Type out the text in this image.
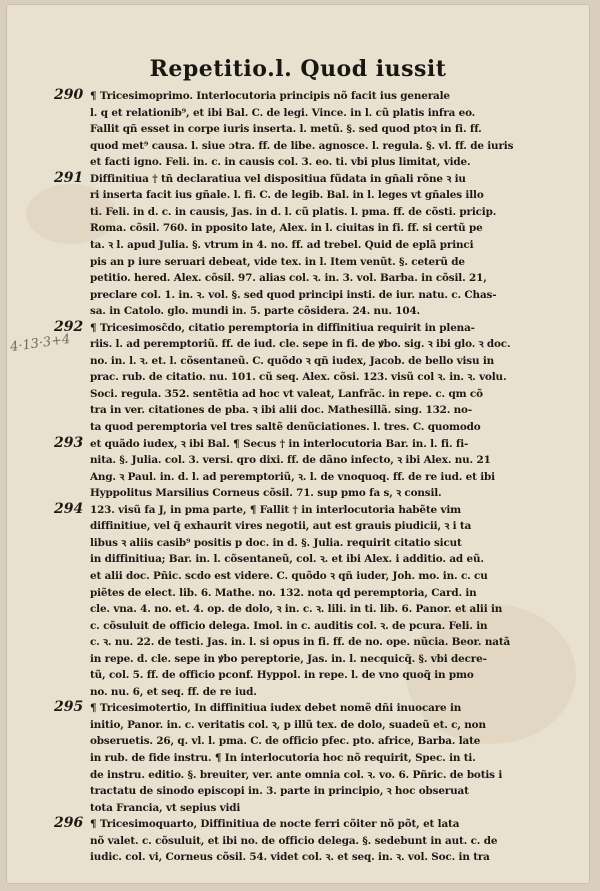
Repetitio.l. Quod iussit
290
291
292
293
294
295
296
4·13·3+4
¶ Tricesimoprimo. Interlocutoria principis nõ facit ius generale
l. q et relationib⁹, et ibi Bal. C. de legi. Vince. in l. cũ platis infra eo.
Fallit qñ esset in corpe iuris inserta. l. metũ. §. sed quod ptoꝛ in fi. ff.
quod met⁹ causa. l. siue ɔtra. ff. de libe. agnosce. l. regula. §. vl. ff. de iuris
et facti igno. Feli. in. c. in causis col. 3. eo. ti. vbi plus limitat, vide.
Diffinitiua † tñ declaratiua vel dispositiua fũdata in gñali rõne ꝛ iu
ri inserta facit ius gñale. l. fi. C. de legib. Bal. in l. leges vt gñales illo
ti. Feli. in d. c. in causis, Jas. in d. l. cũ platis. l. pma. ff. de cõsti. pricip.
Roma. cõsil. 760. in pposito late, Alex. in l. ciuitas in fi. ff. si certũ pe
ta. ꝛ l. apud Julia. §. vtrum in 4. no. ff. ad trebel. Quid de eplã princi
pis an p iure seruari debeat, vide tex. in l. Item venũt. §. ceterũ de
petitio. hered. Alex. cõsil. 97. alias col. ꝛ. in. 3. vol. Barba. in cõsil. 21,
preclare col. 1. in. ꝛ. vol. §. sed quod principi insti. de iur. natu. c. Chas-
sa. in Catolo. glo. mundi in. 5. parte cõsidera. 24. nu. 104.
¶ Tricesimosc̃do, citatio peremptoria in diffinitiua requirit in plena-
riis. l. ad peremptoriũ. ff. de iud. cle. sepe in fi. de ꝟbo. sig. ꝛ ibi glo. ꝛ doc.
no. in. l. ꝛ. et. l. cõsentaneũ. C. quõdo ꝛ qñ iudex, Jacob. de bello visu in
prac. rub. de citatio. nu. 101. cũ seq. Alex. cõsi. 123. visũ col ꝛ. in. ꝛ. volu.
Soci. regula. 352. sentẽtia ad hoc vt valeat, Lanfrãc. in repe. c. qm cõ
tra in ver. citationes de pba. ꝛ ibi alii doc. Mathesillã. sing. 132. no-
ta quod peremptoria vel tres saltẽ denũciationes. l. tres. C. quomodo
et quãdo iudex, ꝛ ibi Bal. ¶ Secus † in interlocutoria Bar. in. l. fi. fi-
nita. §. Julia. col. 3. versi. qro dixi. ff. de dãno infecto, ꝛ ibi Alex. nu. 21
Ang. ꝛ Paul. in. d. l. ad peremptoriũ, ꝛ. l. de vnoquoq. ff. de re iud. et ibi
Hyppolitus Marsilius Corneus cõsil. 71. sup pmo fa s, ꝛ consil.
123. visũ fa J, in pma parte, ¶ Fallit † in interlocutoria habẽte vim
diffinitiue, vel q̃ exhaurit vires negotii, aut est grauis piudicii, ꝛ i ta
libus ꝛ aliis casib⁹ positis p doc. in d. §. Julia. requirit citatio sicut
in diffinitiua; Bar. in. l. cõsentaneũ, col. ꝛ. et ibi Alex. i additio. ad eũ.
et alii doc. Pñic. scdo est videre. C. quõdo ꝛ qñ iuder, Joh. mo. in. c. cu
piẽtes de elect. lib. 6. Mathe. no. 132. nota qd peremptoria, Card. in
cle. vna. 4. no. et. 4. op. de dolo, ꝛ in. c. ꝛ. lili. in ti. lib. 6. Panor. et alii in
c. cõsuluit de officio delega. Imol. in c. auditis col. ꝛ. de pcura. Feli. in
c. ꝛ. nu. 22. de testi. Jas. in. l. si opus in fi. ff. de no. ope. nũcia. Beor. natã
in repe. d. cle. sepe in ꝟbo pereptorie, Jas. in. l. necquicq̃. §. vbi decre-
tũ, col. 5. ff. de officio pconf. Hyppol. in repe. l. de vno quoq̃ in pmo
no. nu. 6, et seq. ff. de re iud.
¶ Tricesimotertio, In diffinitiua iudex debet nomẽ dñi inuocare in
initio, Panor. in. c. veritatis col. ꝛ, p illũ tex. de dolo, suadeũ et. c, non
obseruetis. 26, q. vl. l. pma. C. de officio pfec. pto. africe, Barba. late
in rub. de fide instru. ¶ In interlocutoria hoc nõ requirit, Spec. in ti.
de instru. editio. §. breuiter, ver. ante omnia col. ꝛ. vo. 6. Pñric. de botis i
tractatu de sinodo episcopi in. 3. parte in principio, ꝛ hoc obseruat
tota Francia, vt sepius vidi
¶ Tricesimoquarto, Diffinitiua de nocte ferri cõiter nõ põt, et lata
nõ valet. c. cõsuluit, et ibi no. de officio delega. §. sedebunt in aut. c. de
iudic. col. vi, Corneus cõsil. 54. videt col. ꝛ. et seq. in. ꝛ. vol. Soc. in tra
